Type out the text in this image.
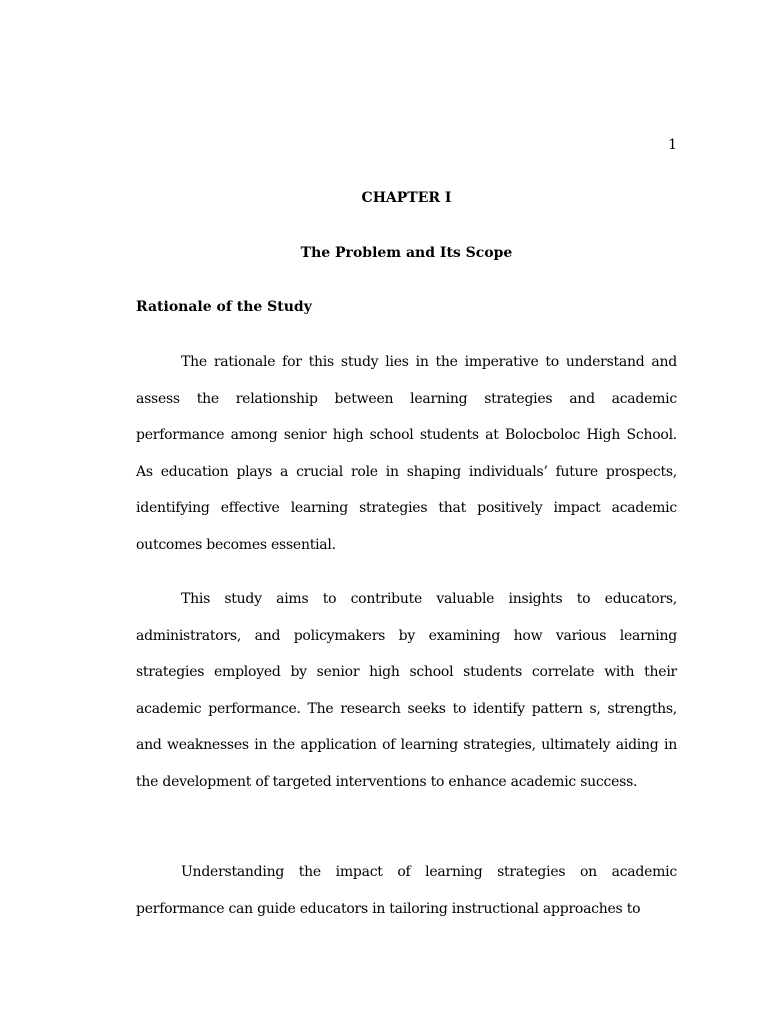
1
CHAPTER I
The Problem and Its Scope
Rationale of the Study

The rationale for this study lies in the imperative to understand and assess the relationship between learning strategies and academic performance among senior high school students at Bolocboloc High School. As education plays a crucial role in shaping individuals’ future prospects, identifying effective learning strategies that positively impact academic outcomes becomes essential.

This study aims to contribute valuable insights to educators, administrators, and policymakers by examining how various learning strategies employed by senior high school students correlate with their academic performance. The research seeks to identify pattern s, strengths, and weaknesses in the application of learning strategies, ultimately aiding in the development of targeted interventions to enhance academic success.

Understanding the impact of learning strategies on academic performance can guide educators in tailoring instructional approaches to
